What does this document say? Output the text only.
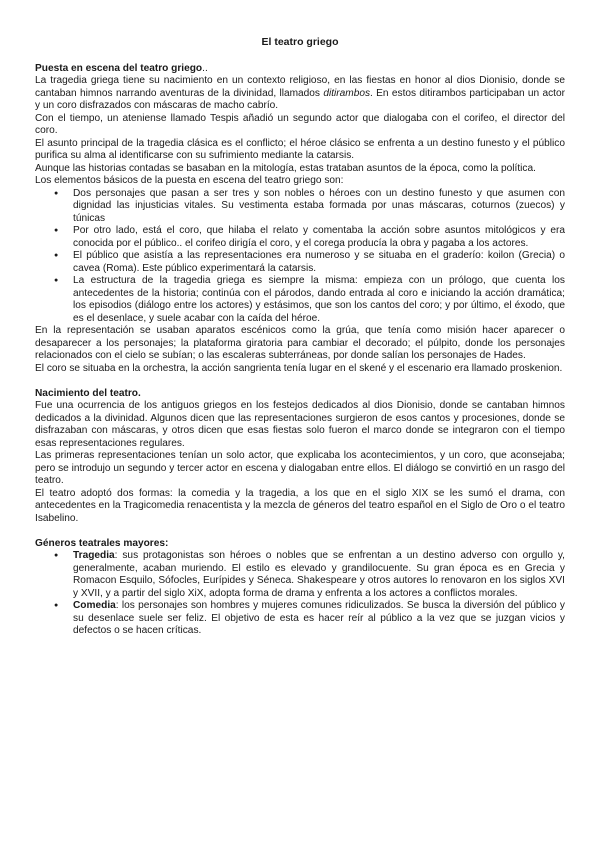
El teatro griego

Puesta en escena del teatro griego..

La tragedia griega tiene su nacimiento en un contexto religioso, en las fiestas en honor al dios Dionisio, donde se cantaban himnos narrando aventuras de la divinidad, llamados ditirambos. En estos ditirambos participaban un actor y un coro disfrazados con máscaras de macho cabrío.

Con el tiempo, un ateniense llamado Tespis añadió un segundo actor que dialogaba con el corifeo, el director del coro.

El asunto principal de la tragedia clásica es el conflicto; el héroe clásico se enfrenta a un destino funesto y el público purifica su alma al identificarse con su sufrimiento mediante la catarsis.

Aunque las historias contadas se basaban en la mitología, estas trataban asuntos de la época, como la política.

Los elementos básicos de la puesta en escena del teatro griego son:

● Dos personajes que pasan a ser tres y son nobles o héroes con un destino funesto y que asumen con dignidad las injusticias vitales. Su vestimenta estaba formada por unas máscaras, coturnos (zuecos) y túnicas
● Por otro lado, está el coro, que hilaba el relato y comentaba la acción sobre asuntos mitológicos y era conocida por el público.. el corifeo dirigía el coro, y el corega producía la obra y pagaba a los actores.
● El público que asistía a las representaciones era numeroso y se situaba en el graderío: koilon (Grecia) o cavea (Roma). Este público experimentará la catarsis.
● La estructura de la tragedia griega es siempre la misma: empieza con un prólogo, que cuenta los antecedentes de la historia; continúa con el párodos, dando entrada al coro e iniciando la acción dramática; los episodios (diálogo entre los actores) y estásimos, que son los cantos del coro; y por último, el éxodo, que es el desenlace, y suele acabar con la caída del héroe.

En la representación se usaban aparatos escénicos como la grúa, que tenía como misión hacer aparecer o desaparecer a los personajes; la plataforma giratoria para cambiar el decorado; el púlpito, donde los personajes relacionados con el cielo se subían; o las escaleras subterráneas, por donde salían los personajes de Hades.

El coro se situaba en la orchestra, la acción sangrienta tenía lugar en el skené y el escenario era llamado proskenion.

Nacimiento del teatro.

Fue una ocurrencia de los antiguos griegos en los festejos dedicados al dios Dionisio, donde se cantaban himnos dedicados a la divinidad. Algunos dicen que las representaciones surgieron de esos cantos y procesiones, donde se disfrazaban con máscaras, y otros dicen que esas fiestas solo fueron el marco donde se integraron con el tiempo esas representaciones regulares.

Las primeras representaciones tenían un solo actor, que explicaba los acontecimientos, y un coro, que aconsejaba; pero se introdujo un segundo y tercer actor en escena y dialogaban entre ellos. El diálogo se convirtió en un rasgo del teatro.

El teatro adoptó dos formas: la comedia y la tragedia, a los que en el siglo XIX se les sumó el drama, con antecedentes en la Tragicomedia renacentista y la mezcla de géneros del teatro español en el Siglo de Oro o el teatro Isabelino.

Géneros teatrales mayores:

● Tragedia: sus protagonistas son héroes o nobles que se enfrentan a un destino adverso con orgullo y, generalmente, acaban muriendo. El estilo es elevado y grandilocuente. Su gran época es en Grecia y Romacon Esquilo, Sófocles, Eurípides y Séneca. Shakespeare y otros autores lo renovaron en los siglos XVI y XVII, y a partir del siglo XiX, adopta forma de drama y enfrenta a los actores a conflictos morales.
● Comedia: los personajes son hombres y mujeres comunes ridiculizados. Se busca la diversión del público y su desenlace suele ser feliz. El objetivo de esta es hacer reír al público a la vez que se juzgan vicios y defectos o se hacen críticas.
